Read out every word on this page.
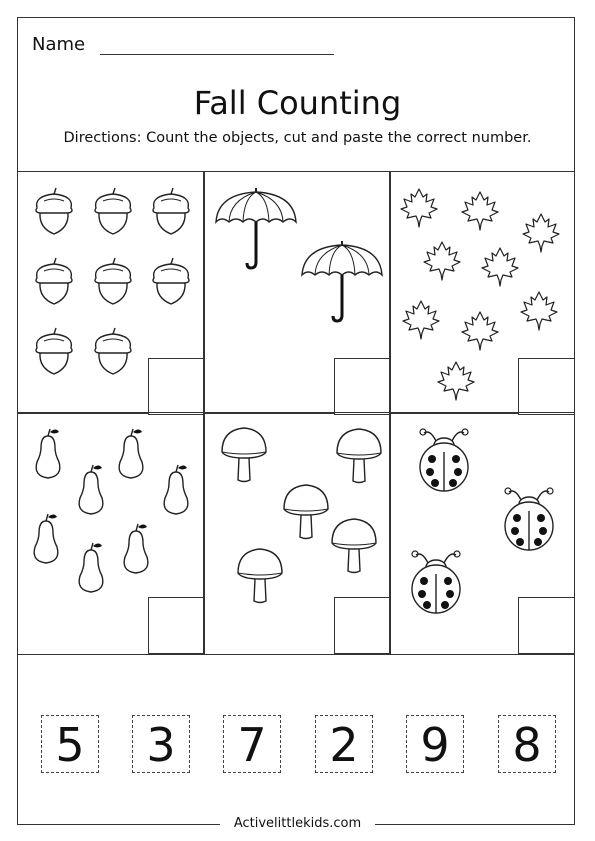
Name
Fall Counting
Directions: Count the objects, cut and paste the correct number.
5	3	7	2	9	8
Activelittlekids.com
